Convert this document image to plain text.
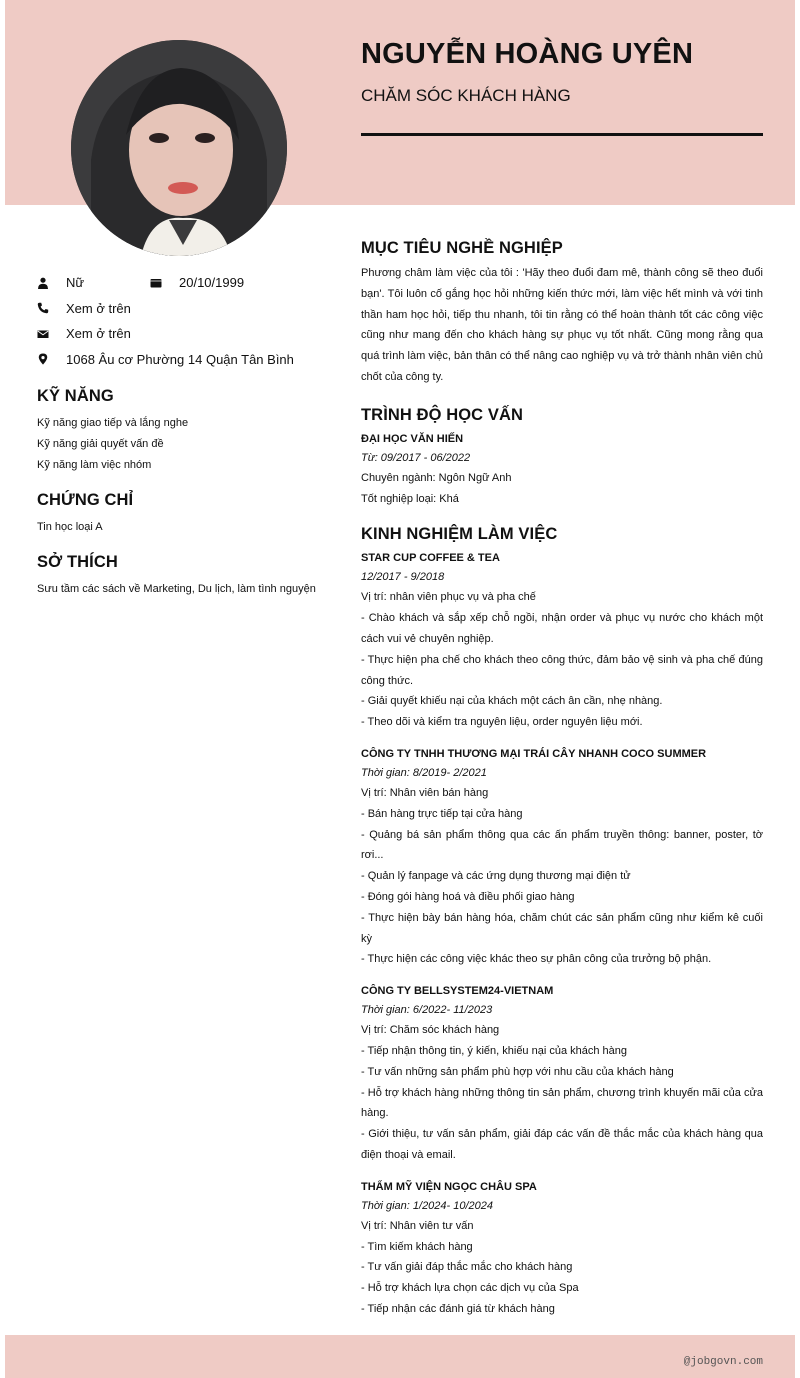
NGUYỄN HOÀNG UYÊN
CHĂM SÓC KHÁCH HÀNG
Nữ	20/10/1999
Xem ở trên
Xem ở trên
1068 Âu cơ Phường 14 Quận Tân Bình
KỸ NĂNG
Kỹ năng giao tiếp và lắng nghe
Kỹ năng giải quyết vấn đề
Kỹ năng làm việc nhóm
CHỨNG CHỈ
Tin học loại A
SỞ THÍCH
Sưu tầm các sách về Marketing, Du lịch, làm tình nguyện
MỤC TIÊU NGHỀ NGHIỆP
Phương châm làm việc của tôi : 'Hãy theo đuổi đam mê, thành công sẽ theo đuổi bạn'. Tôi luôn cố gắng học hỏi những kiến thức mới, làm việc hết mình và với tinh thần ham học hỏi, tiếp thu nhanh, tôi tin rằng có thể hoàn thành tốt các công việc cũng như mang đến cho khách hàng sự phục vụ tốt nhất. Cũng mong rằng qua quá trình làm việc, bản thân có thể nâng cao nghiệp vụ và trở thành nhân viên chủ chốt của công ty.
TRÌNH ĐỘ HỌC VẤN
ĐẠI HỌC VĂN HIẾN
Từ: 09/2017 - 06/2022
Chuyên ngành: Ngôn Ngữ Anh
Tốt nghiệp loại: Khá
KINH NGHIỆM LÀM VIỆC
STAR CUP COFFEE & TEA
12/2017 - 9/2018
Vị trí: nhân viên phục vụ và pha chế
- Chào khách và sắp xếp chỗ ngồi, nhận order và phục vụ nước cho khách một cách vui vẻ chuyên nghiệp.
- Thực hiện pha chế cho khách theo công thức, đảm bảo vệ sinh và pha chế đúng công thức.
- Giải quyết khiếu nại của khách một cách ân cần, nhẹ nhàng.
- Theo dõi và kiểm tra nguyên liệu, order nguyên liệu mới.
CÔNG TY TNHH THƯƠNG MẠI TRÁI CÂY NHANH COCO SUMMER
Thời gian: 8/2019- 2/2021
Vị trí: Nhân viên bán hàng
- Bán hàng trực tiếp tại cửa hàng
- Quảng bá sản phẩm thông qua các ấn phẩm truyền thông: banner, poster, tờ rơi...
- Quản lý fanpage và các ứng dụng thương mại điện tử
- Đóng gói hàng hoá và điều phối giao hàng
- Thực hiện bày bán hàng hóa, chăm chút các sản phẩm cũng như kiểm kê cuối kỳ
- Thực hiện các công việc khác theo sự phân công của trưởng bộ phận.
CÔNG TY BELLSYSTEM24-VIETNAM
Thời gian: 6/2022- 11/2023
Vị trí: Chăm sóc khách hàng
- Tiếp nhận thông tin, ý kiến, khiếu nại của khách hàng
- Tư vấn những sản phẩm phù hợp với nhu cầu của khách hàng
- Hỗ trợ khách hàng những thông tin sản phẩm, chương trình khuyến mãi của cửa hàng.
- Giới thiệu, tư vấn sản phẩm, giải đáp các vấn đề thắc mắc của khách hàng qua điện thoại và email.
THẨM MỸ VIỆN NGỌC CHÂU SPA
Thời gian: 1/2024- 10/2024
Vị trí: Nhân viên tư vấn
- Tìm kiếm khách hàng
- Tư vấn giải đáp thắc mắc cho khách hàng
- Hỗ trợ khách lựa chọn các dịch vụ của Spa
- Tiếp nhận các đánh giá từ khách hàng
@jobgovn.com
